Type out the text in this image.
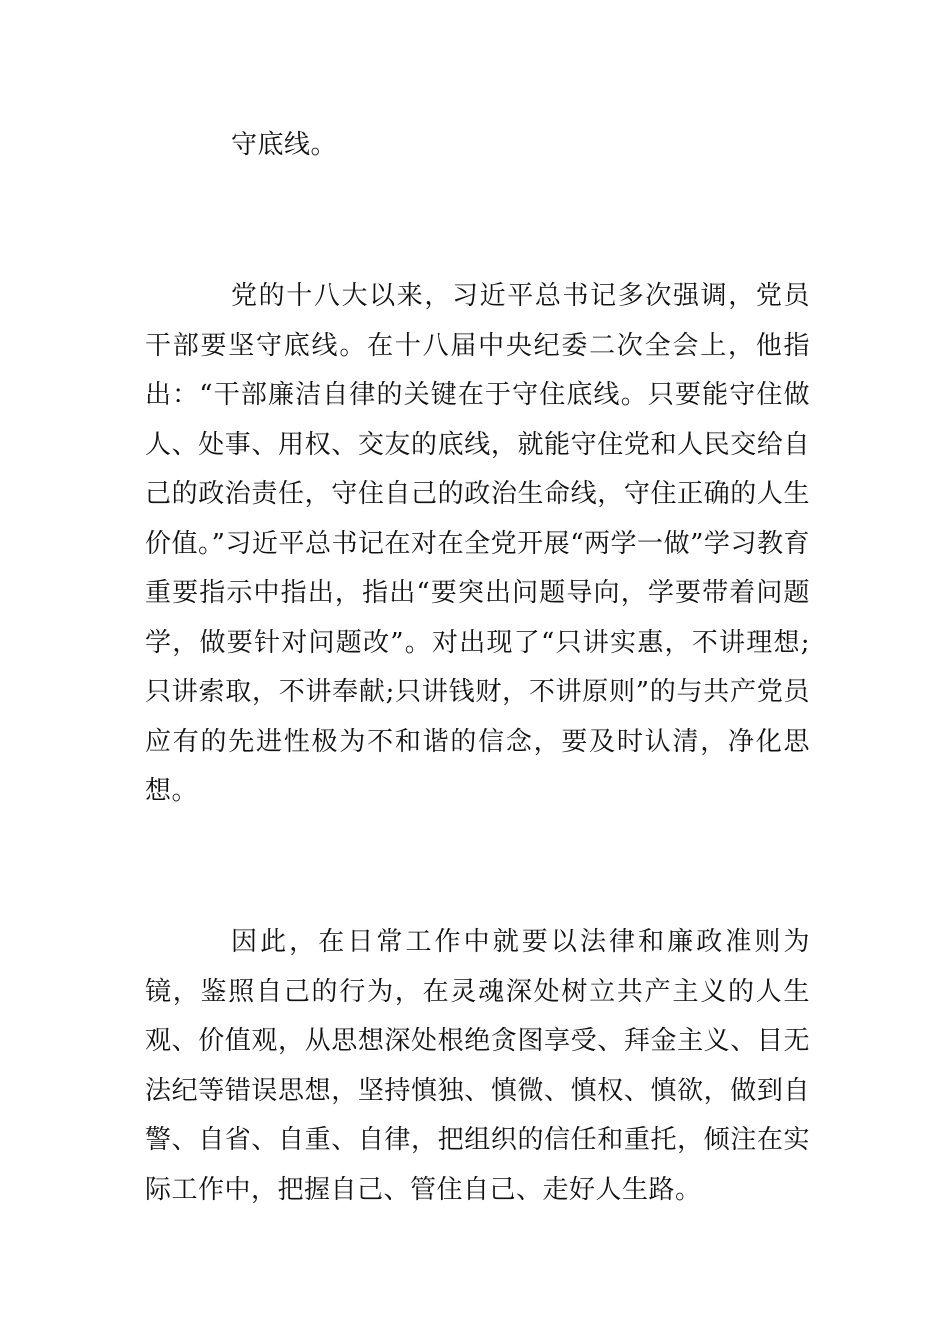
守底线。

党的十八大以来，习近平总书记多次强调，党员干部要坚守底线。在十八届中央纪委二次全会上，他指出：“干部廉洁自律的关键在于守住底线。只要能守住做人、处事、用权、交友的底线，就能守住党和人民交给自己的政治责任，守住自己的政治生命线，守住正确的人生价值。”习近平总书记在对在全党开展“两学一做”学习教育重要指示中指出，指出“要突出问题导向，学要带着问题学，做要针对问题改”。对出现了“只讲实惠，不讲理想;只讲索取，不讲奉献;只讲钱财，不讲原则”的与共产党员应有的先进性极为不和谐的信念，要及时认清，净化思想。

因此，在日常工作中就要以法律和廉政准则为镜，鉴照自己的行为，在灵魂深处树立共产主义的人生观、价值观，从思想深处根绝贪图享受、拜金主义、目无法纪等错误思想，坚持慎独、慎微、慎权、慎欲，做到自警、自省、自重、自律，把组织的信任和重托，倾注在实际工作中，把握自己、管住自己、走好人生路。
